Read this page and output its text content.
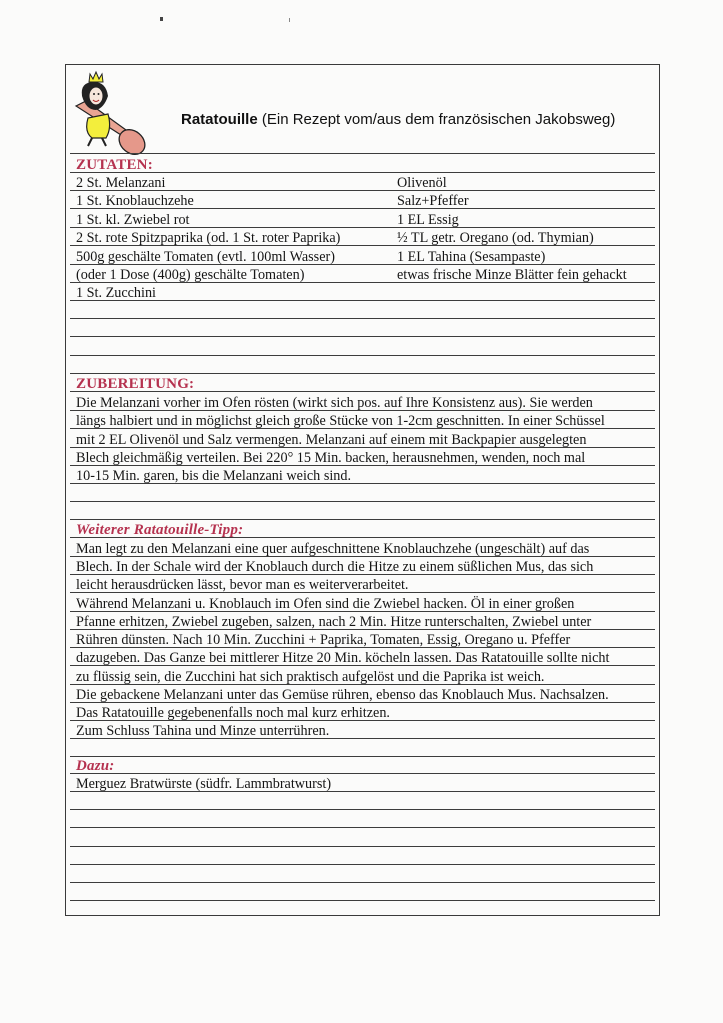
Ratatouille (Ein Rezept vom/aus dem französischen Jakobsweg)
ZUTATEN:
2 St. Melanzani
1 St. Knoblauchzehe
1 St. kl. Zwiebel rot
2 St. rote Spitzpaprika (od. 1 St. roter Paprika)
500g geschälte Tomaten (evtl. 100ml Wasser)
(oder 1 Dose (400g) geschälte Tomaten)
1 St. Zucchini
Olivenöl
Salz+Pfeffer
1 EL Essig
½ TL getr. Oregano (od. Thymian)
1 EL Tahina (Sesampaste)
etwas frische Minze Blätter fein gehackt
ZUBEREITUNG:
Die Melanzani vorher im Ofen rösten (wirkt sich pos. auf Ihre Konsistenz aus). Sie werden
längs halbiert und in möglichst gleich große Stücke von 1-2cm geschnitten. In einer Schüssel
mit 2 EL Olivenöl und Salz vermengen. Melanzani auf einem mit Backpapier ausgelegten
Blech gleichmäßig verteilen. Bei 220° 15 Min. backen, herausnehmen, wenden, noch mal
10-15 Min. garen, bis die Melanzani weich sind.
Weiterer Ratatouille-Tipp:
Man legt zu den Melanzani eine quer aufgeschnittene Knoblauchzehe (ungeschält) auf das
Blech. In der Schale wird der Knoblauch durch die Hitze zu einem süßlichen Mus, das sich
leicht herausdrücken lässt, bevor man es weiterverarbeitet.
Während Melanzani u. Knoblauch im Ofen sind die Zwiebel hacken. Öl in einer großen
Pfanne erhitzen, Zwiebel zugeben, salzen, nach 2 Min. Hitze runterschalten, Zwiebel unter
Rühren dünsten. Nach 10 Min. Zucchini + Paprika, Tomaten, Essig, Oregano u. Pfeffer
dazugeben. Das Ganze bei mittlerer Hitze 20 Min. köcheln lassen. Das Ratatouille sollte nicht
zu flüssig sein, die Zucchini hat sich praktisch aufgelöst und die Paprika ist weich.
Die gebackene Melanzani unter das Gemüse rühren, ebenso das Knoblauch Mus. Nachsalzen.
Das Ratatouille gegebenenfalls noch mal kurz erhitzen.
Zum Schluss Tahina und Minze unterrühren.
Dazu:
Merguez Bratwürste (südfr. Lammbratwurst)
